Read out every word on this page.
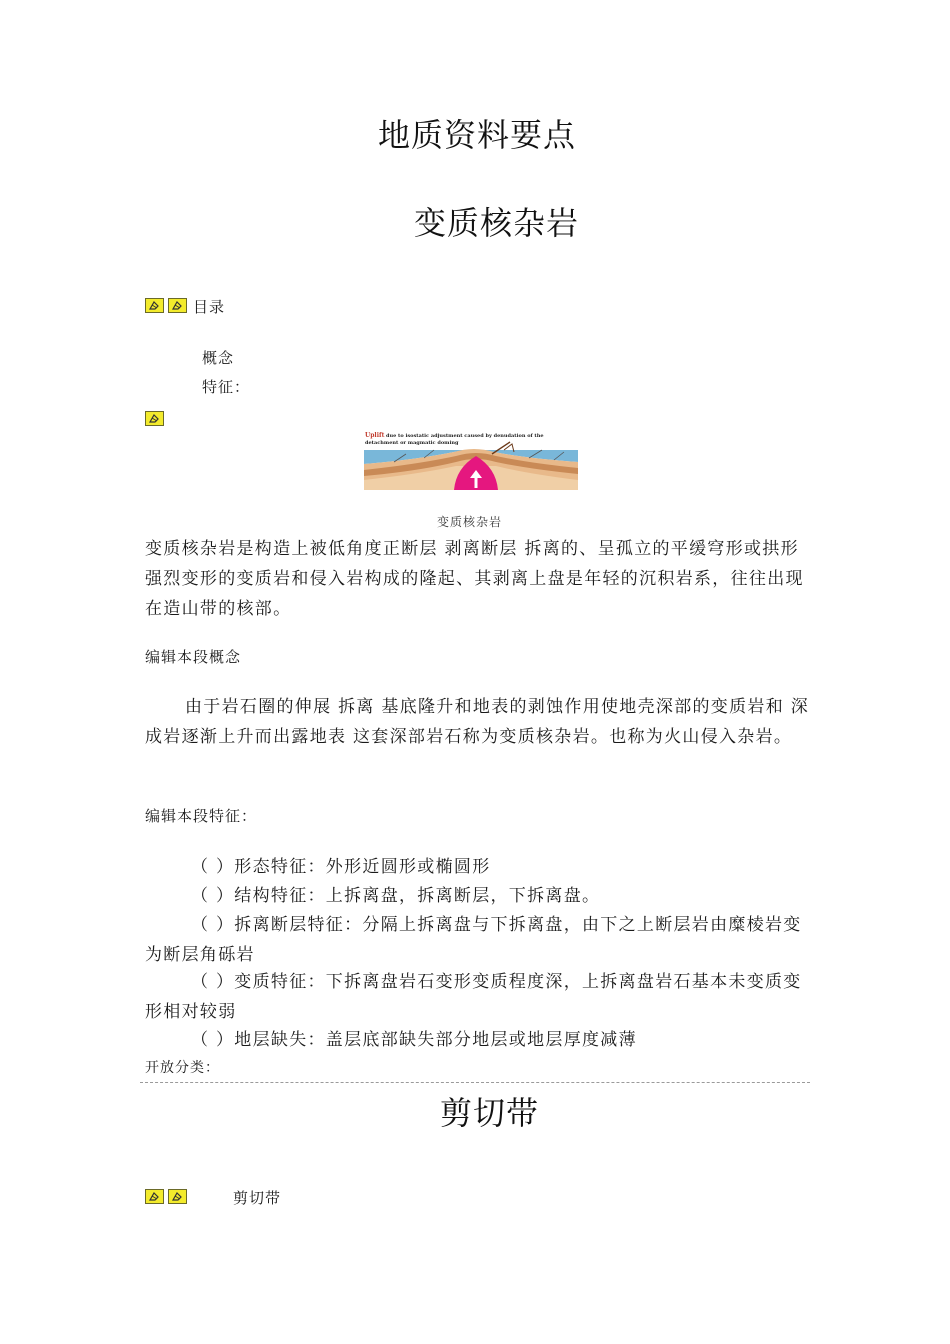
地质资料要点
变质核杂岩
目录
概念
特征：
Uplift due to isostatic adjustment caused by denudation of the
detachment or magmatic doming
变质核杂岩
变质核杂岩是构造上被低角度正断层 剥离断层 拆离的、呈孤立的平缓穹形或拱形强烈变形的变质岩和侵入岩构成的隆起、其剥离上盘是年轻的沉积岩系，往往出现在造山带的核部。
编辑本段概念
由于岩石圈的伸展 拆离 基底隆升和地表的剥蚀作用使地壳深部的变质岩和 深成岩逐渐上升而出露地表 这套深部岩石称为变质核杂岩。也称为火山侵入杂岩。
编辑本段特征：
（ ）形态特征：外形近圆形或椭圆形
（ ）结构特征：上拆离盘，拆离断层，下拆离盘。
（ ）拆离断层特征：分隔上拆离盘与下拆离盘，由下之上断层岩由糜棱岩变为断层角砾岩
（ ）变质特征：下拆离盘岩石变形变质程度深，上拆离盘岩石基本未变质变形相对较弱
（ ）地层缺失：盖层底部缺失部分地层或地层厚度减薄
开放分类：
剪切带
剪切带
